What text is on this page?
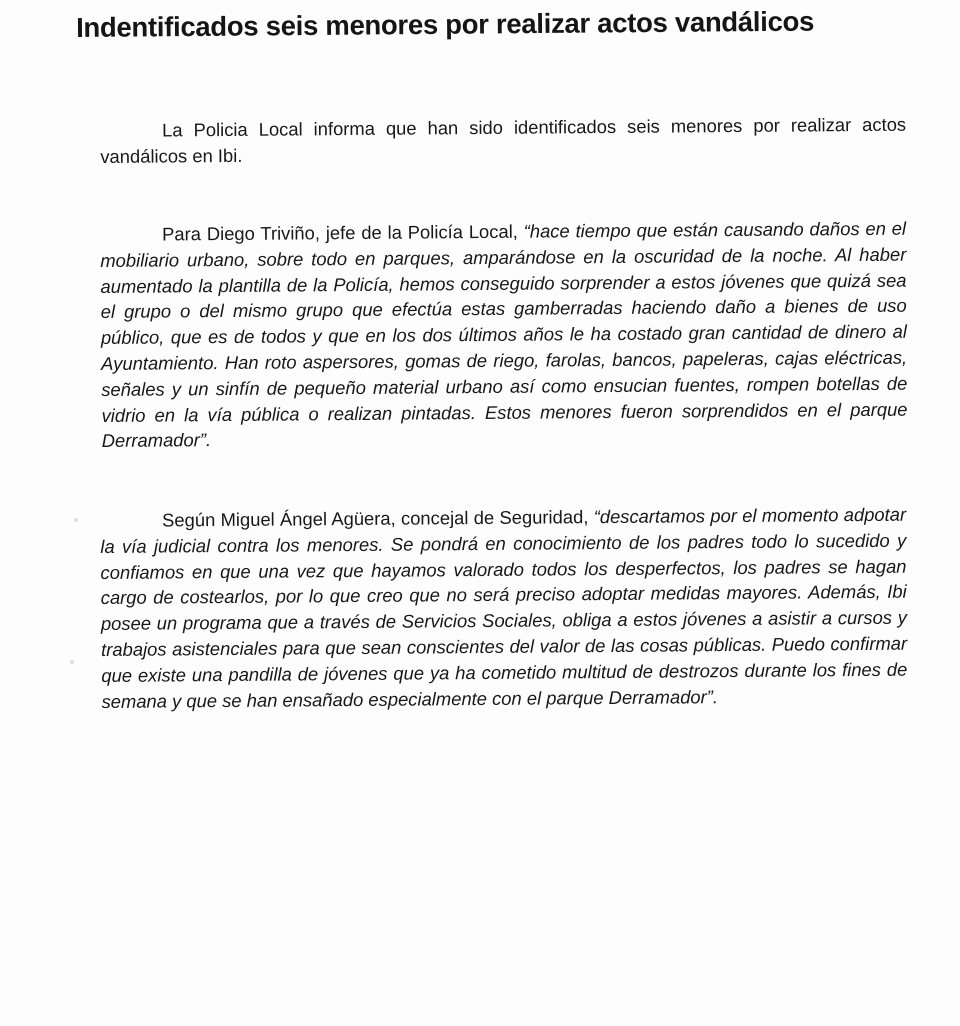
Indentificados seis menores por realizar actos vandálicos

La Policia Local informa que han sido identificados seis menores por realizar actos vandálicos en Ibi.

Para Diego Triviño, jefe de la Policía Local, “hace tiempo que están causando daños en el mobiliario urbano, sobre todo en parques, amparándose en la oscuridad de la noche. Al haber aumentado la plantilla de la Policía, hemos conseguido sorprender a estos jóvenes que quizá sea el grupo o del mismo grupo que efectúa estas gamberradas haciendo daño a bienes de uso público, que es de todos y que en los dos últimos años le ha costado gran cantidad de dinero al Ayuntamiento. Han roto aspersores, gomas de riego, farolas, bancos, papeleras, cajas eléctricas, señales y un sinfín de pequeño material urbano así como ensucian fuentes, rompen botellas de vidrio en la vía pública o realizan pintadas. Estos menores fueron sorprendidos en el parque Derramador”.

Según Miguel Ángel Agüera, concejal de Seguridad, “descartamos por el momento adpotar la vía judicial contra los menores. Se pondrá en conocimiento de los padres todo lo sucedido y confiamos en que una vez que hayamos valorado todos los desperfectos, los padres se hagan cargo de costearlos, por lo que creo que no será preciso adoptar medidas mayores. Además, Ibi posee un programa que a través de Servicios Sociales, obliga a estos jóvenes a asistir a cursos y trabajos asistenciales para que sean conscientes del valor de las cosas públicas. Puedo confirmar que existe una pandilla de jóvenes que ya ha cometido multitud de destrozos durante los fines de semana y que se han ensañado especialmente con el parque Derramador”.
